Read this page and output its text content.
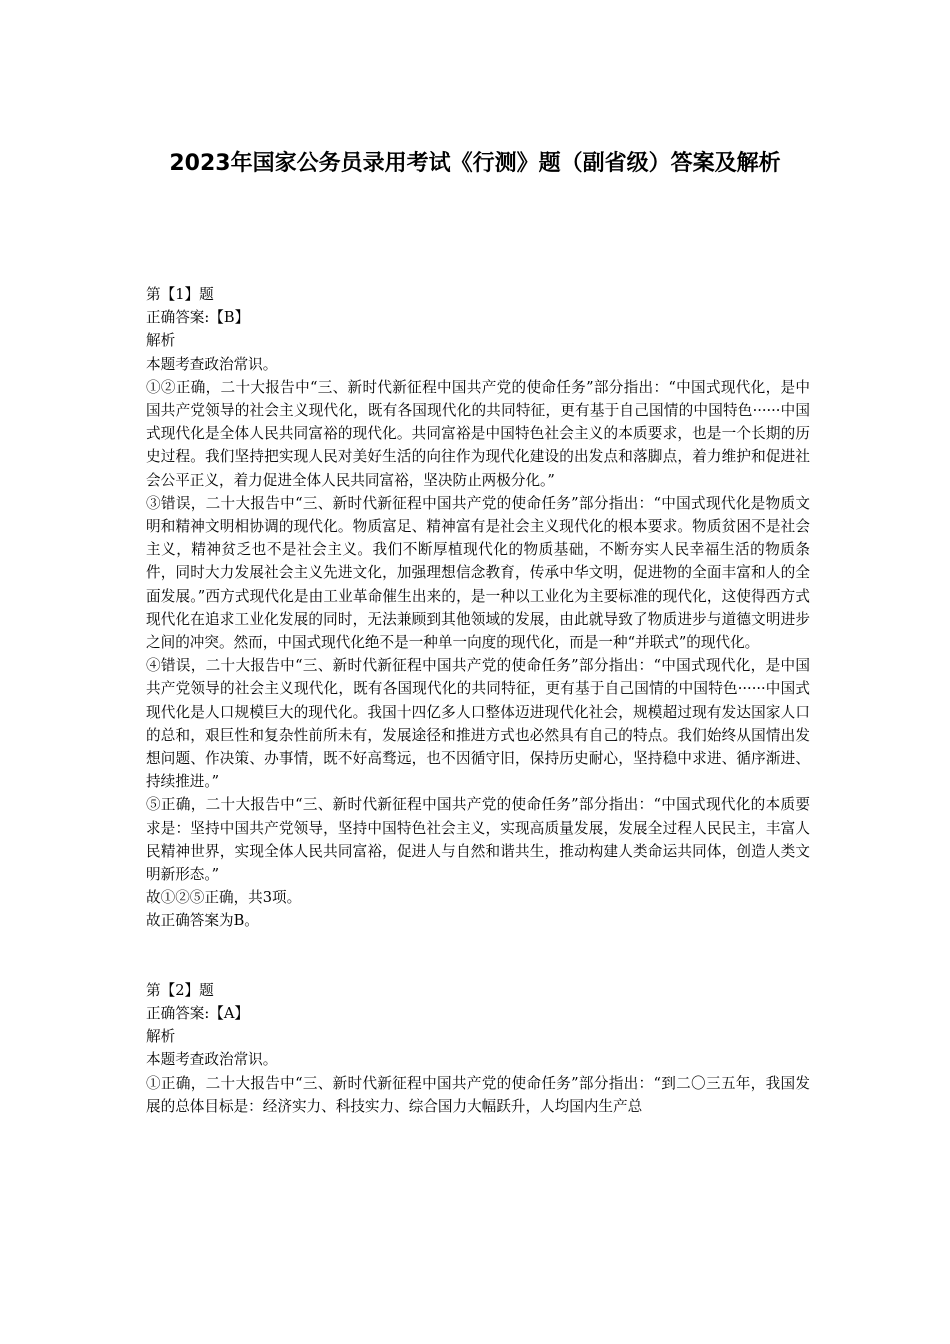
2023年国家公务员录用考试《行测》题（副省级）答案及解析

第【1】题

正确答案:【B】

解析

本题考查政治常识。

①②正确，二十大报告中“三、新时代新征程中国共产党的使命任务”部分指出：“中国式现代化，是中国共产党领导的社会主义现代化，既有各国现代化的共同特征，更有基于自己国情的中国特色······中国式现代化是全体人民共同富裕的现代化。共同富裕是中国特色社会主义的本质要求，也是一个长期的历史过程。我们坚持把实现人民对美好生活的向往作为现代化建设的出发点和落脚点，着力维护和促进社会公平正义，着力促进全体人民共同富裕，坚决防止两极分化。”

③错误，二十大报告中“三、新时代新征程中国共产党的使命任务”部分指出：“中国式现代化是物质文明和精神文明相协调的现代化。物质富足、精神富有是社会主义现代化的根本要求。物质贫困不是社会主义，精神贫乏也不是社会主义。我们不断厚植现代化的物质基础，不断夯实人民幸福生活的物质条件，同时大力发展社会主义先进文化，加强理想信念教育，传承中华文明，促进物的全面丰富和人的全面发展。”西方式现代化是由工业革命催生出来的，是一种以工业化为主要标准的现代化，这使得西方式现代化在追求工业化发展的同时，无法兼顾到其他领域的发展，由此就导致了物质进步与道德文明进步之间的冲突。然而，中国式现代化绝不是一种单一向度的现代化，而是一种“并联式”的现代化。

④错误，二十大报告中“三、新时代新征程中国共产党的使命任务”部分指出：“中国式现代化，是中国共产党领导的社会主义现代化，既有各国现代化的共同特征，更有基于自己国情的中国特色······中国式现代化是人口规模巨大的现代化。我国十四亿多人口整体迈进现代化社会，规模超过现有发达国家人口的总和，艰巨性和复杂性前所未有，发展途径和推进方式也必然具有自己的特点。我们始终从国情出发想问题、作决策、办事情，既不好高骛远，也不因循守旧，保持历史耐心，坚持稳中求进、循序渐进、持续推进。”

⑤正确，二十大报告中“三、新时代新征程中国共产党的使命任务”部分指出：“中国式现代化的本质要求是：坚持中国共产党领导，坚持中国特色社会主义，实现高质量发展，发展全过程人民民主，丰富人民精神世界，实现全体人民共同富裕，促进人与自然和谐共生，推动构建人类命运共同体，创造人类文明新形态。”

故①②⑤正确，共3项。

故正确答案为B。

第【2】题

正确答案:【A】

解析

本题考查政治常识。

①正确，二十大报告中“三、新时代新征程中国共产党的使命任务”部分指出：“到二〇三五年，我国发展的总体目标是：经济实力、科技实力、综合国力大幅跃升，人均国内生产总
